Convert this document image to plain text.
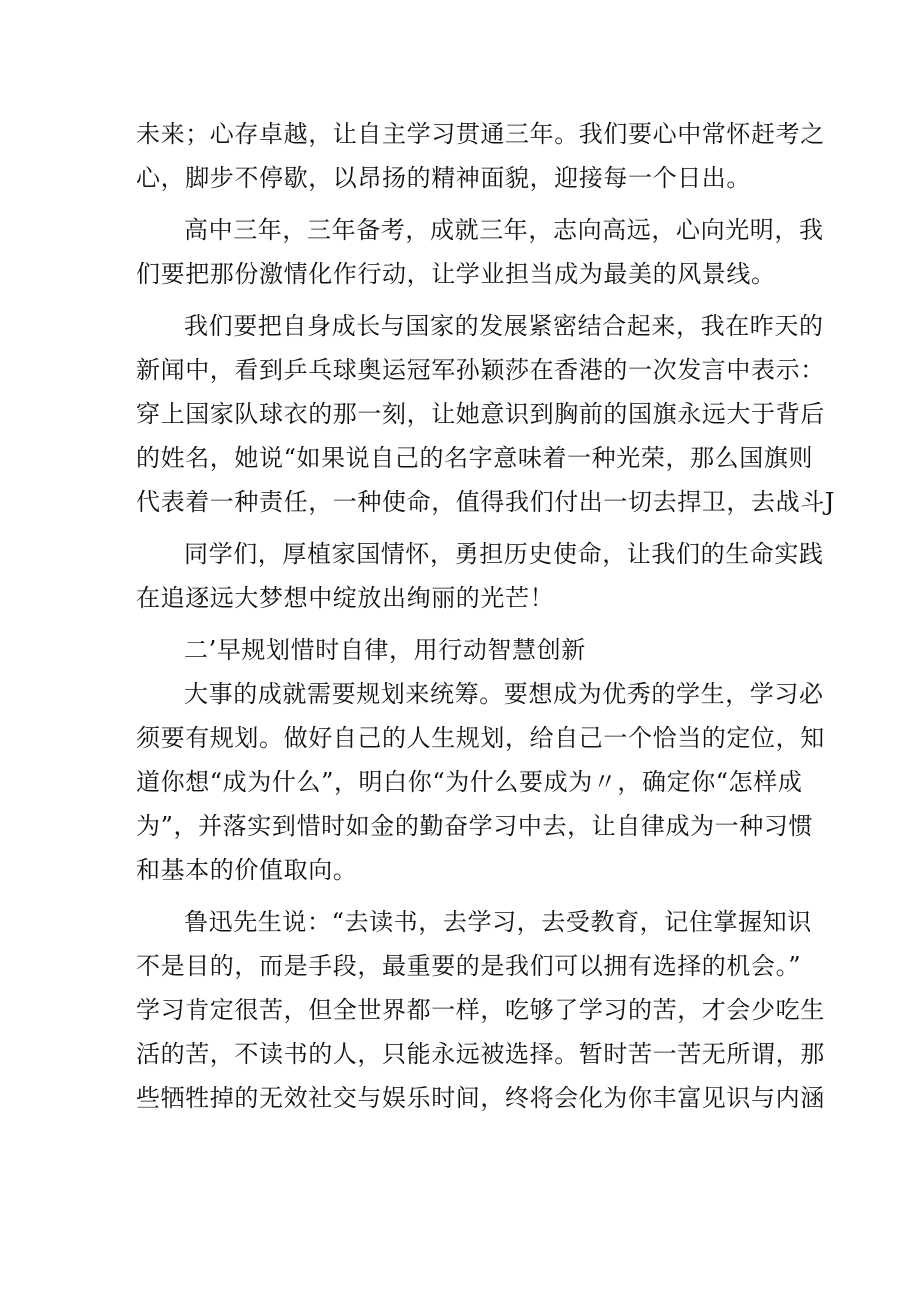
未来；心存卓越，让自主学习贯通三年。我们要心中常怀赶考之
心，脚步不停歇，以昂扬的精神面貌，迎接每一个日出。
高中三年，三年备考，成就三年，志向高远，心向光明，我
们要把那份激情化作行动，让学业担当成为最美的风景线。
我们要把自身成长与国家的发展紧密结合起来，我在昨天的
新闻中，看到乒乓球奥运冠军孙颖莎在香港的一次发言中表示：
穿上国家队球衣的那一刻，让她意识到胸前的国旗永远大于背后
的姓名，她说“如果说自己的名字意味着一种光荣，那么国旗则
代表着一种责任，一种使命，值得我们付出一切去捍卫，去战斗J
同学们，厚植家国情怀，勇担历史使命，让我们的生命实践
在追逐远大梦想中绽放出绚丽的光芒！
二’早规划惜时自律，用行动智慧创新
大事的成就需要规划来统筹。要想成为优秀的学生，学习必
须要有规划。做好自己的人生规划，给自己一个恰当的定位，知
道你想“成为什么”，明白你“为什么要成为〃，确定你“怎样成
为”，并落实到惜时如金的勤奋学习中去，让自律成为一种习惯
和基本的价值取向。
鲁迅先生说：“去读书，去学习，去受教育，记住掌握知识
不是目的，而是手段，最重要的是我们可以拥有选择的机会。”
学习肯定很苦，但全世界都一样，吃够了学习的苦，才会少吃生
活的苦，不读书的人，只能永远被选择。暂时苦一苦无所谓，那
些牺牲掉的无效社交与娱乐时间，终将会化为你丰富见识与内涵
